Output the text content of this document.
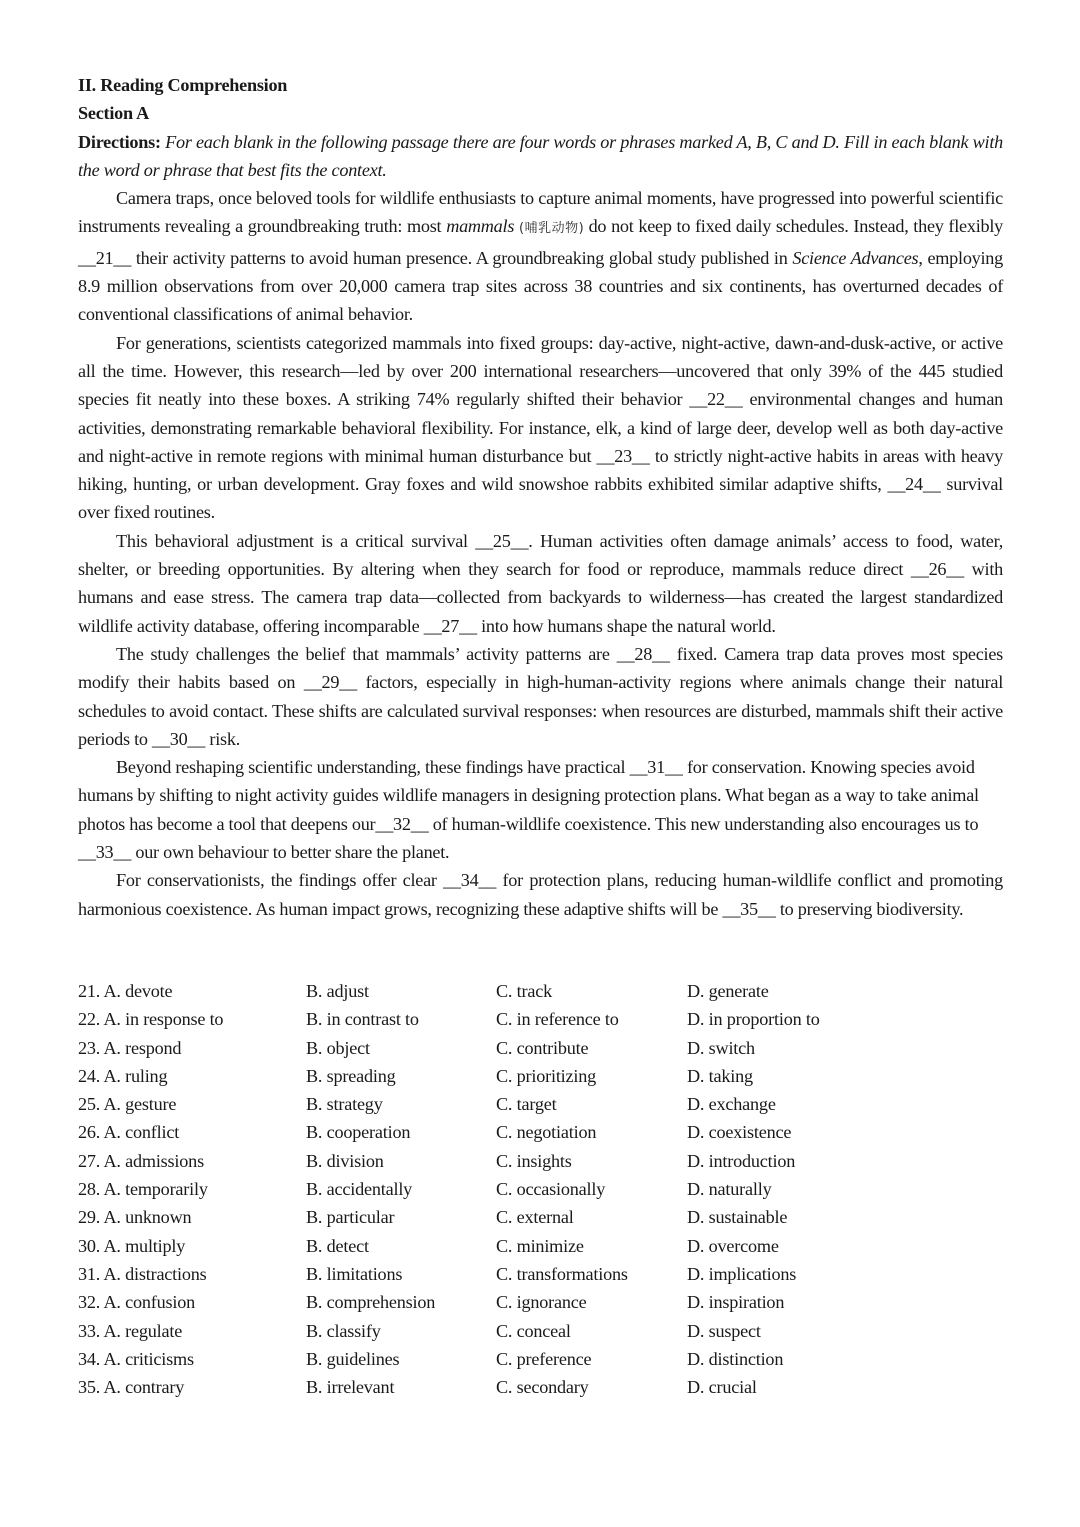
II. Reading Comprehension
Section A

Directions: For each blank in the following passage there are four words or phrases marked A, B, C and D. Fill in each blank with the word or phrase that best fits the context.

Camera traps, once beloved tools for wildlife enthusiasts to capture animal moments, have progressed into powerful scientific instruments revealing a groundbreaking truth: most mammals (哺乳动物) do not keep to fixed daily schedules. Instead, they flexibly __21__ their activity patterns to avoid human presence. A groundbreaking global study published in Science Advances, employing 8.9 million observations from over 20,000 camera trap sites across 38 countries and six continents, has overturned decades of conventional classifications of animal behavior.

For generations, scientists categorized mammals into fixed groups: day-active, night-active, dawn-and-dusk-active, or active all the time. However, this research—led by over 200 international researchers—uncovered that only 39% of the 445 studied species fit neatly into these boxes. A striking 74% regularly shifted their behavior __22__ environmental changes and human activities, demonstrating remarkable behavioral flexibility. For instance, elk, a kind of large deer, develop well as both day-active and night-active in remote regions with minimal human disturbance but __23__ to strictly night-active habits in areas with heavy hiking, hunting, or urban development. Gray foxes and wild snowshoe rabbits exhibited similar adaptive shifts, __24__ survival over fixed routines.

This behavioral adjustment is a critical survival __25__. Human activities often damage animals’ access to food, water, shelter, or breeding opportunities. By altering when they search for food or reproduce, mammals reduce direct __26__ with humans and ease stress. The camera trap data—collected from backyards to wilderness—has created the largest standardized wildlife activity database, offering incomparable __27__ into how humans shape the natural world.

The study challenges the belief that mammals’ activity patterns are __28__ fixed. Camera trap data proves most species modify their habits based on __29__ factors, especially in high-human-activity regions where animals change their natural schedules to avoid contact. These shifts are calculated survival responses: when resources are disturbed, mammals shift their active periods to __30__ risk.

Beyond reshaping scientific understanding, these findings have practical __31__ for conservation. Knowing species avoid humans by shifting to night activity guides wildlife managers in designing protection plans. What began as a way to take animal photos has become a tool that deepens our__32__ of human-wildlife coexistence. This new understanding also encourages us to __33__ our own behaviour to better share the planet.

For conservationists, the findings offer clear __34__ for protection plans, reducing human-wildlife conflict and promoting harmonious coexistence. As human impact grows, recognizing these adaptive shifts will be __35__ to preserving biodiversity.

21. A. devote	B. adjust	C. track	D. generate
22. A. in response to	B. in contrast to	C. in reference to	D. in proportion to
23. A. respond	B. object	C. contribute	D. switch
24. A. ruling	B. spreading	C. prioritizing	D. taking
25. A. gesture	B. strategy	C. target	D. exchange
26. A. conflict	B. cooperation	C. negotiation	D. coexistence
27. A. admissions	B. division	C. insights	D. introduction
28. A. temporarily	B. accidentally	C. occasionally	D. naturally
29. A. unknown	B. particular	C. external	D. sustainable
30. A. multiply	B. detect	C. minimize	D. overcome
31. A. distractions	B. limitations	C. transformations	D. implications
32. A. confusion	B. comprehension	C. ignorance	D. inspiration
33. A. regulate	B. classify	C. conceal	D. suspect
34. A. criticisms	B. guidelines	C. preference	D. distinction
35. A. contrary	B. irrelevant	C. secondary	D. crucial
